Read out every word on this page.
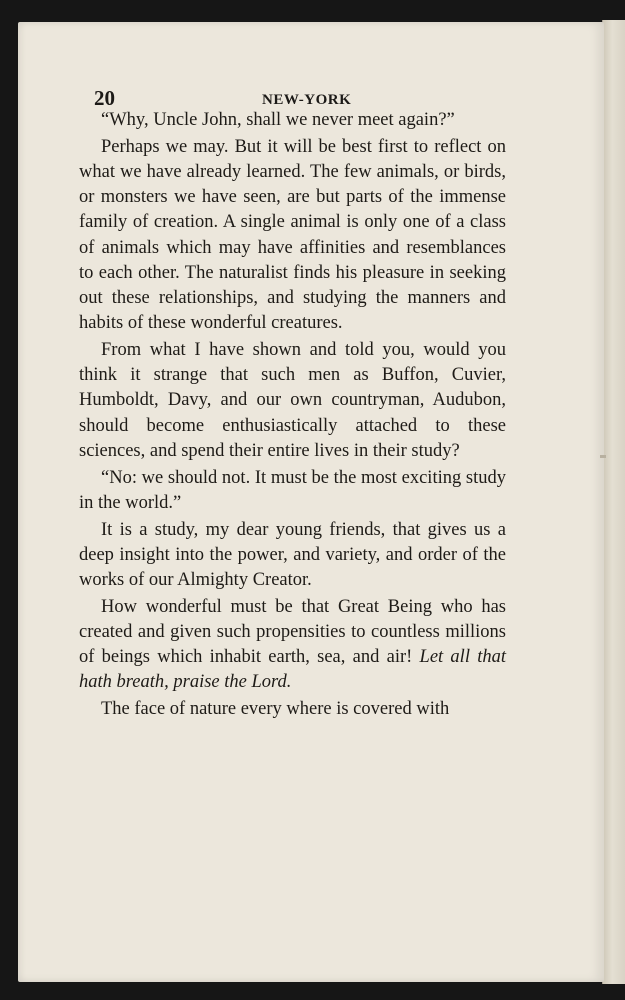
20	NEW-YORK

“Why, Uncle John, shall we never meet again?”

Perhaps we may. But it will be best first to reflect on what we have already learned. The few animals, or birds, or monsters we have seen, are but parts of the immense family of creation. A single animal is only one of a class of animals which may have affinities and resemblances to each other. The naturalist finds his pleasure in seeking out these relationships, and studying the manners and habits of these wonderful creatures.

From what I have shown and told you, would you think it strange that such men as Buffon, Cuvier, Humboldt, Davy, and our own countryman, Audubon, should become enthusiastically attached to these sciences, and spend their entire lives in their study?

“No: we should not. It must be the most exciting study in the world.”

It is a study, my dear young friends, that gives us a deep insight into the power, and variety, and order of the works of our Almighty Creator.

How wonderful must be that Great Being who has created and given such propensities to countless millions of beings which inhabit earth, sea, and air! Let all that hath breath, praise the Lord.

The face of nature every where is covered with
